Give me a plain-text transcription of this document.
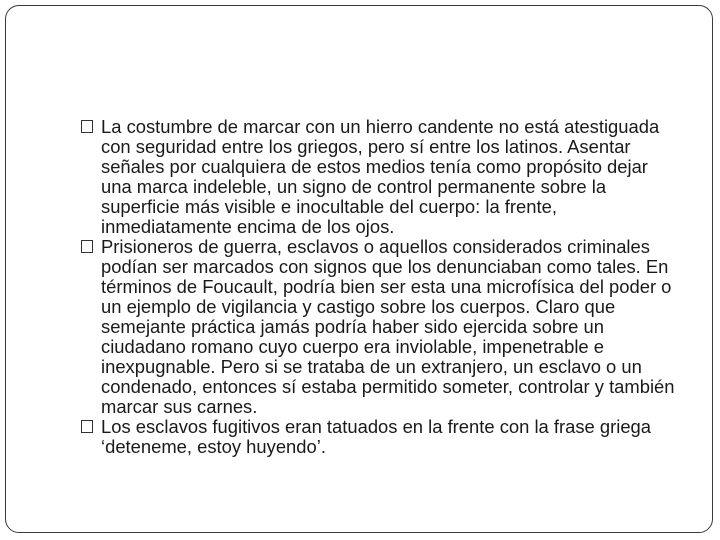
La costumbre de marcar con un hierro candente no está atestiguada con seguridad entre los griegos, pero sí entre los latinos. Asentar señales por cualquiera de estos medios tenía como propósito dejar una marca indeleble, un signo de control permanente sobre la superficie más visible e inocultable del cuerpo: la frente, inmediatamente encima de los ojos.
Prisioneros de guerra, esclavos o aquellos considerados criminales podían ser marcados con signos que los denunciaban como tales. En términos de Foucault, podría bien ser esta una microfísica del poder o un ejemplo de vigilancia y castigo sobre los cuerpos. Claro que semejante práctica jamás podría haber sido ejercida sobre un ciudadano romano cuyo cuerpo era inviolable, impenetrable e inexpugnable. Pero si se trataba de un extranjero, un esclavo o un condenado, entonces sí estaba permitido someter, controlar y también marcar sus carnes.
Los esclavos fugitivos eran tatuados en la frente con la frase griega ‘deteneme, estoy huyendo’.
